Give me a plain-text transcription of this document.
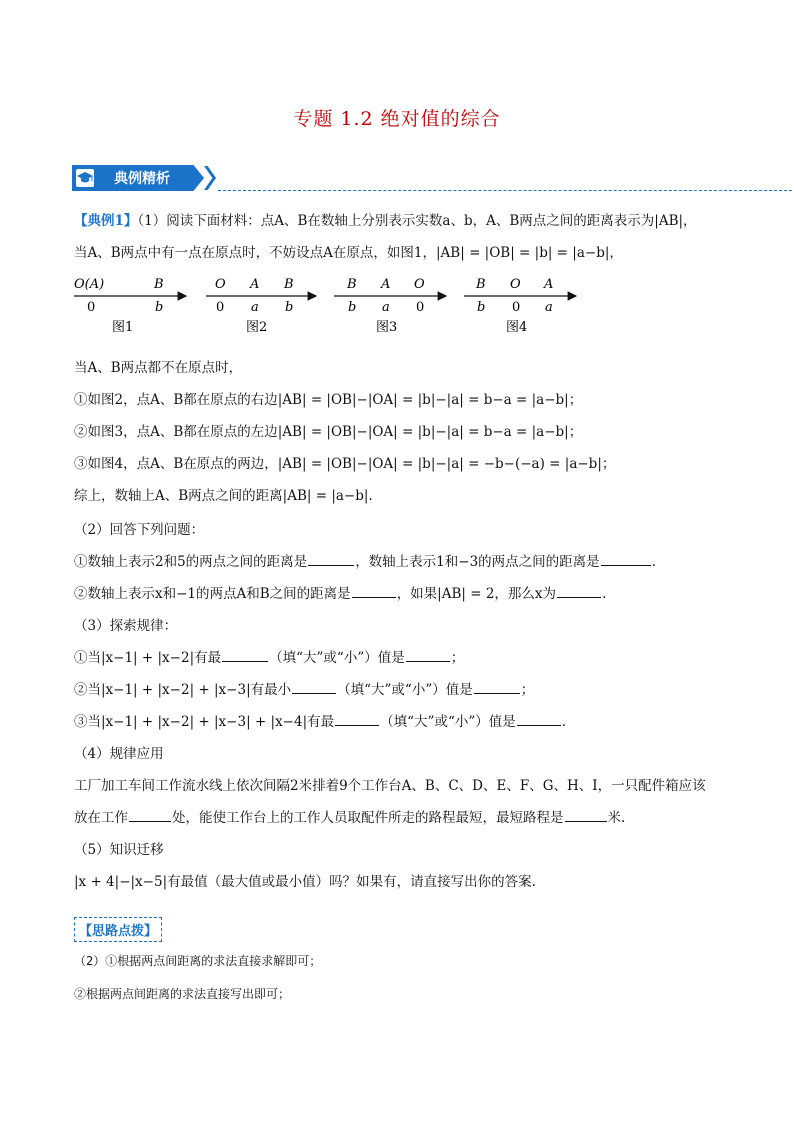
专题 1.2 绝对值的综合
典例精析
【典例1】（1）阅读下面材料：点A、B在数轴上分别表示实数a、b，A、B两点之间的距离表示为|AB|，
当A、B两点中有一点在原点时，不妨设点A在原点，如图1，|AB| = |OB| = |b| = |a−b|，
O(A)	B
0	b
图1
O A B
0 a b
图2
B A O
b a 0
图3
B O A
b 0 a
图4
当A、B两点都不在原点时，
①如图2，点A、B都在原点的右边|AB| = |OB|−|OA| = |b|−|a| = b−a = |a−b|；
②如图3，点A、B都在原点的左边|AB| = |OB|−|OA| = |b|−|a| = b−a = |a−b|；
③如图4，点A、B在原点的两边，|AB| = |OB|−|OA| = |b|−|a| = −b−(−a) = |a−b|；
综上，数轴上A、B两点之间的距离|AB| = |a−b|.
（2）回答下列问题：
①数轴上表示2和5的两点之间的距离是	，数轴上表示1和−3的两点之间的距离是	.
②数轴上表示x和−1的两点A和B之间的距离是	，如果|AB| = 2，那么x为	.
（3）探索规律：
①当|x−1| + |x−2|有最	（填“大”或“小”）值是	；
②当|x−1| + |x−2| + |x−3|有最小	（填“大”或“小”）值是	；
③当|x−1| + |x−2| + |x−3| + |x−4|有最	（填“大”或“小”）值是	.
（4）规律应用
工厂加工车间工作流水线上依次间隔2米排着9个工作台A、B、C、D、E、F、G、H、I，一只配件箱应该
放在工作	处，能使工作台上的工作人员取配件所走的路程最短，最短路程是	米.
（5）知识迁移
|x + 4|−|x−5|有最值（最大值或最小值）吗？如果有，请直接写出你的答案.
【思路点拨】
（2）①根据两点间距离的求法直接求解即可；
②根据两点间距离的求法直接写出即可；
